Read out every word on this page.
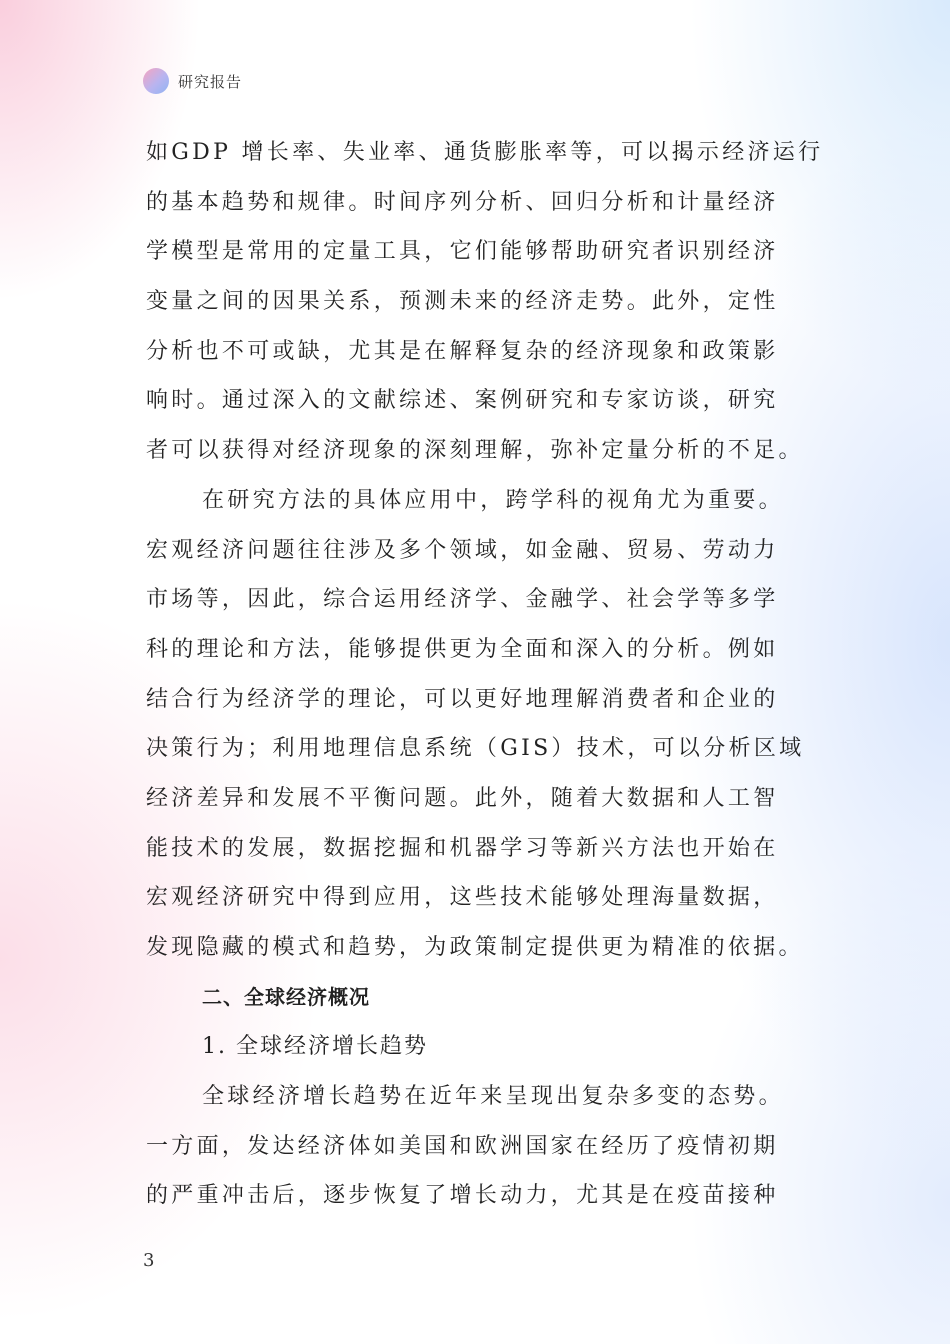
研究报告
如GDP 增长率、失业率、通货膨胀率等，可以揭示经济运行
的基本趋势和规律。时间序列分析、回归分析和计量经济
学模型是常用的定量工具，它们能够帮助研究者识别经济
变量之间的因果关系，预测未来的经济走势。此外，定性
分析也不可或缺，尤其是在解释复杂的经济现象和政策影
响时。通过深入的文献综述、案例研究和专家访谈，研究
者可以获得对经济现象的深刻理解，弥补定量分析的不足。
在研究方法的具体应用中，跨学科的视角尤为重要。
宏观经济问题往往涉及多个领域，如金融、贸易、劳动力
市场等，因此，综合运用经济学、金融学、社会学等多学
科的理论和方法，能够提供更为全面和深入的分析。例如
结合行为经济学的理论，可以更好地理解消费者和企业的
决策行为；利用地理信息系统（GIS）技术，可以分析区域
经济差异和发展不平衡问题。此外，随着大数据和人工智
能技术的发展，数据挖掘和机器学习等新兴方法也开始在
宏观经济研究中得到应用，这些技术能够处理海量数据，
发现隐藏的模式和趋势，为政策制定提供更为精准的依据。
二、全球经济概况
1. 全球经济增长趋势
全球经济增长趋势在近年来呈现出复杂多变的态势。
一方面，发达经济体如美国和欧洲国家在经历了疫情初期
的严重冲击后，逐步恢复了增长动力，尤其是在疫苗接种
3
